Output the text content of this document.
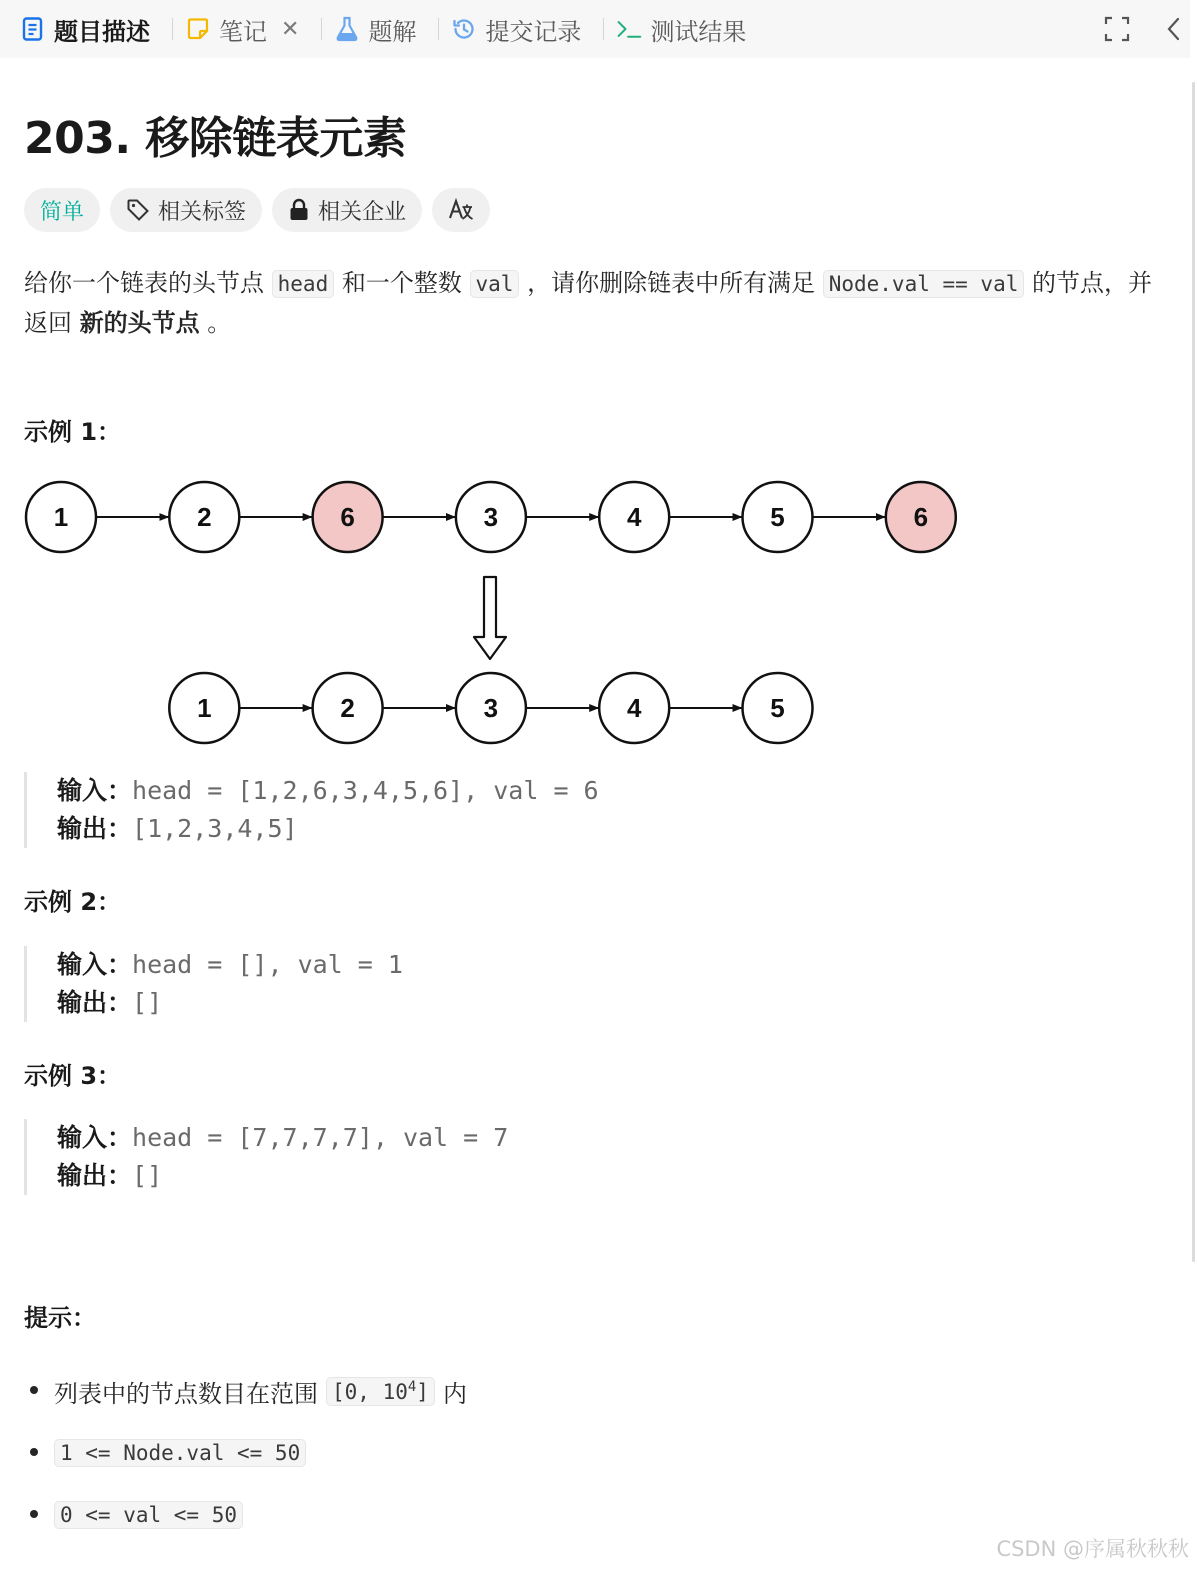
题目描述	笔记 ✕	题解	提交记录	测试结果
203. 移除链表元素
简单	相关标签	相关企业

给你一个链表的头节点 head 和一个整数 val ，请你删除链表中所有满足 Node.val == val 的节点，并返回 新的头节点 。

示例 1：
1	2	6	3	4	5	6
1	2	3	4	5
输入：head = [1,2,6,3,4,5,6], val = 6
输出：[1,2,3,4,5]
示例 2：
输入：head = [], val = 1
输出：[]
示例 3：
输入：head = [7,7,7,7], val = 7
输出：[]
提示：
列表中的节点数目在范围 [0, $10^4$] 内
1 <= Node.val <= 50
0 <= val <= 50
CSDN @序属秋秋秋
